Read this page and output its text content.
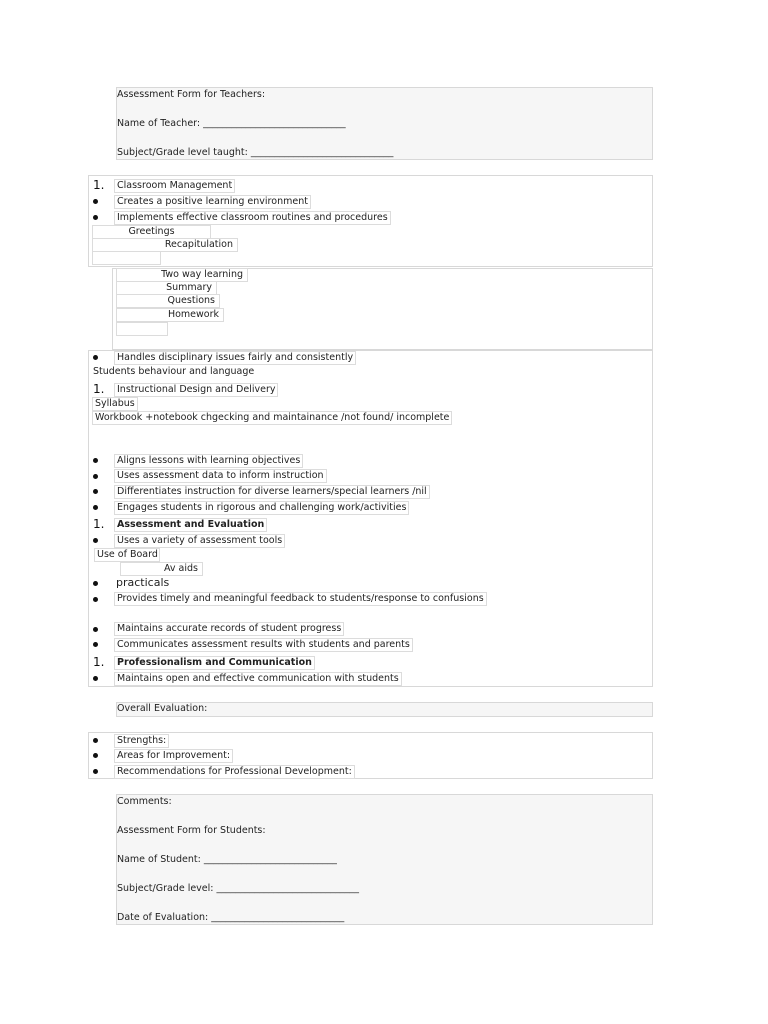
Assessment Form for Teachers:
Name of Teacher: ______________________________
Subject/Grade level taught: ______________________________
1.	Classroom Management
Creates a positive learning environment
Implements effective classroom routines and procedures
Greetings
Recapitulation
Two way learning
Summary
Questions
Homework
Handles disciplinary issues fairly and consistently
Students behaviour and language
1.	Instructional Design and Delivery
Syllabus
Workbook +notebook chgecking and maintainance /not found/ incomplete
Aligns lessons with learning objectives
Uses assessment data to inform instruction
Differentiates instruction for diverse learners/special learners /nil
Engages students in rigorous and challenging work/activities
1.	Assessment and Evaluation
Uses a variety of assessment tools
Use of Board
Av aids
practicals
Provides timely and meaningful feedback to students/response to confusions
Maintains accurate records of student progress
Communicates assessment results with students and parents
1.	Professionalism and Communication
Maintains open and effective communication with students
Overall Evaluation:
Strengths:
Areas for Improvement:
Recommendations for Professional Development:
Comments:
Assessment Form for Students:
Name of Student: ____________________________
Subject/Grade level: ______________________________
Date of Evaluation: ____________________________
